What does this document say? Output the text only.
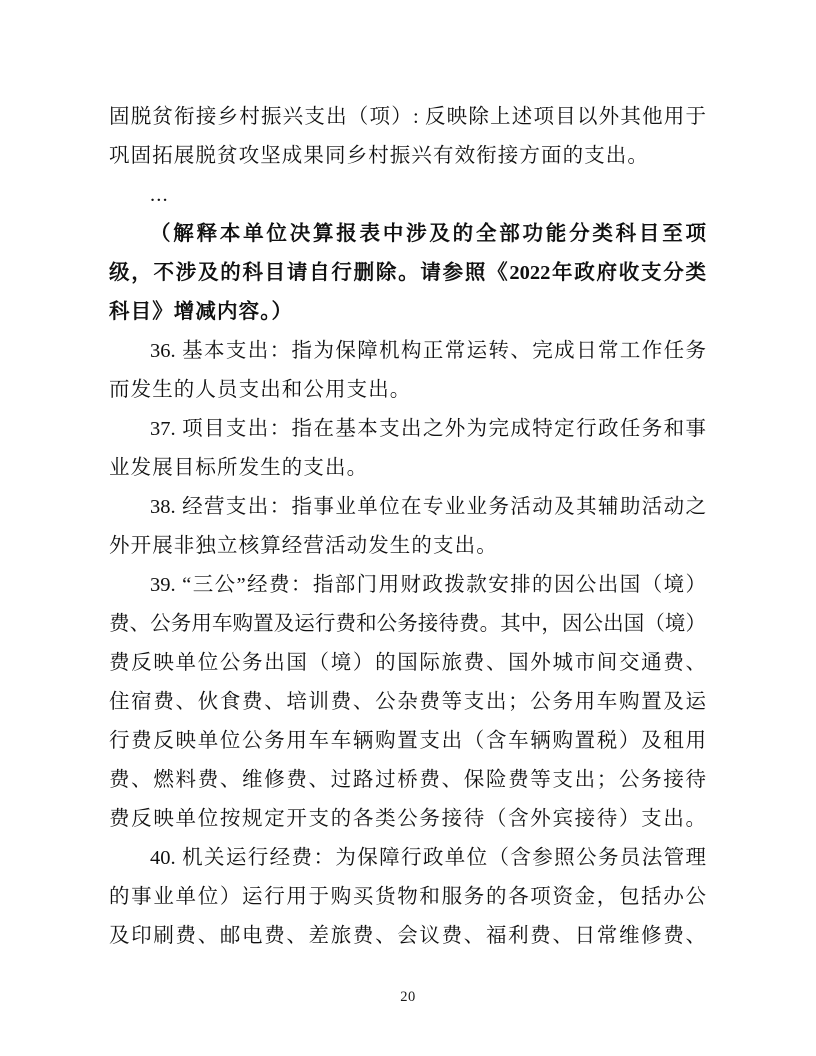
固脱贫衔接乡村振兴支出（项）: 反映除上述项目以外其他用于
巩固拓展脱贫攻坚成果同乡村振兴有效衔接方面的支出。
...
（解释本单位决算报表中涉及的全部功能分类科目至项
级，不涉及的科目请自行删除。请参照《2022年政府收支分类
科目》增减内容。）
36. 基本支出：指为保障机构正常运转、完成日常工作任务
而发生的人员支出和公用支出。
37. 项目支出：指在基本支出之外为完成特定行政任务和事
业发展目标所发生的支出。
38. 经营支出：指事业单位在专业业务活动及其辅助活动之
外开展非独立核算经营活动发生的支出。
39. “三公”经费：指部门用财政拨款安排的因公出国（境）
费、公务用车购置及运行费和公务接待费。其中，因公出国（境）
费反映单位公务出国（境）的国际旅费、国外城市间交通费、
住宿费、伙食费、培训费、公杂费等支出；公务用车购置及运
行费反映单位公务用车车辆购置支出（含车辆购置税）及租用
费、燃料费、维修费、过路过桥费、保险费等支出；公务接待
费反映单位按规定开支的各类公务接待（含外宾接待）支出。
40. 机关运行经费：为保障行政单位（含参照公务员法管理
的事业单位）运行用于购买货物和服务的各项资金，包括办公
及印刷费、邮电费、差旅费、会议费、福利费、日常维修费、
20
